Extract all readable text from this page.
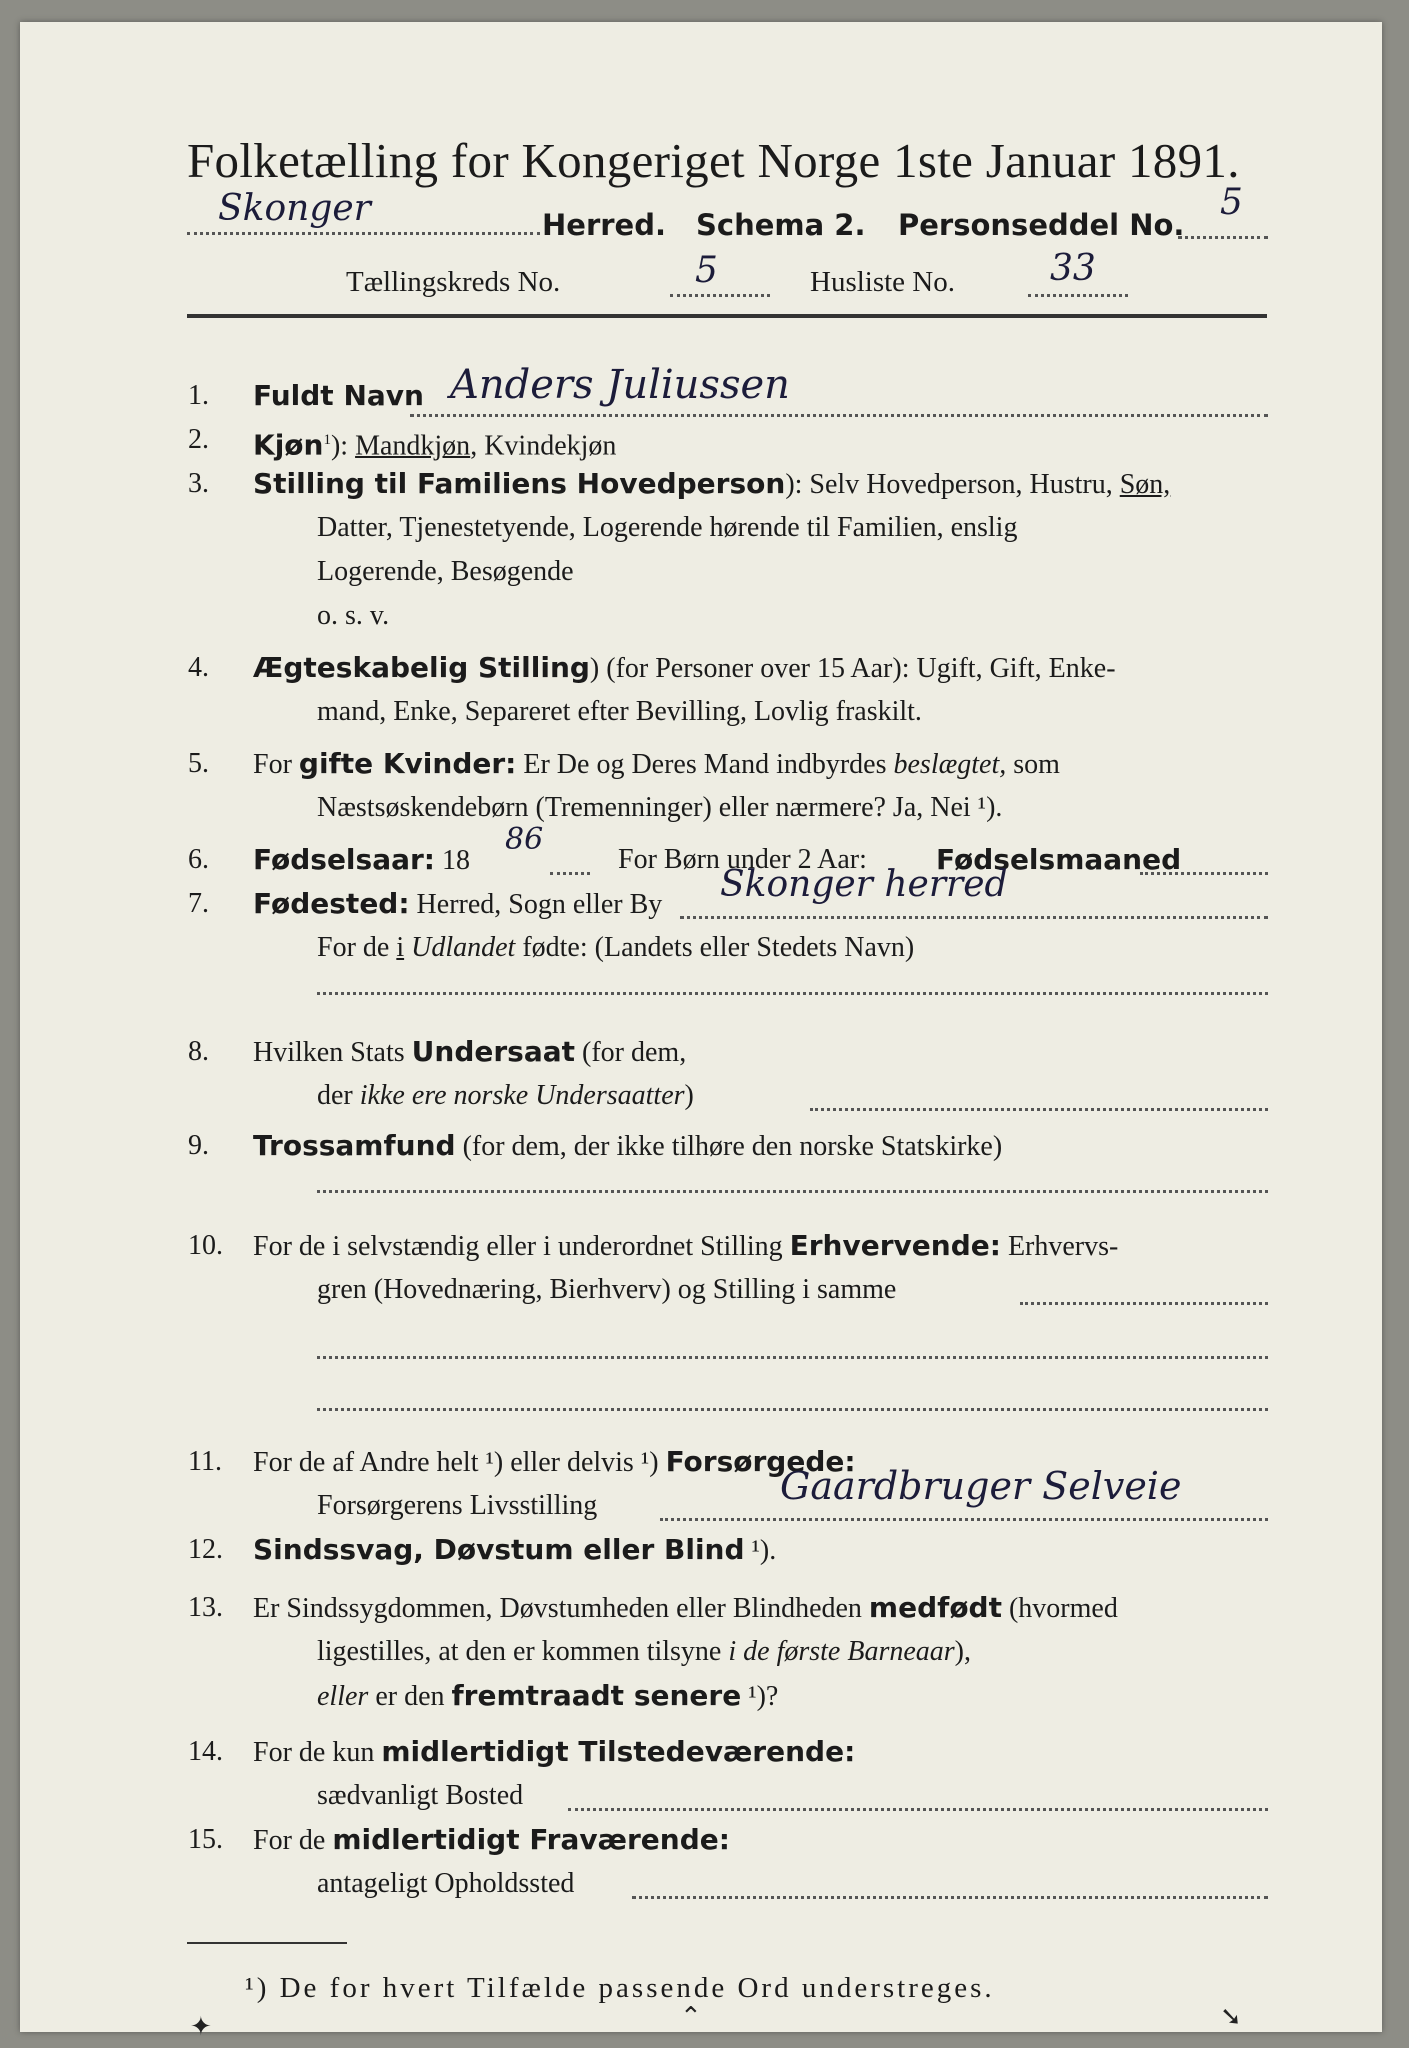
Folketælling for Kongeriget Norge 1ste Januar 1891.
Skonger	Herred. Schema 2. Personseddel No.
5
Tællingskreds No.	5	Husliste No.	33
1. Fuldt Navn Anders Juliussen
2. Kjøn$^1$): Mandkjøn, Kvindekjøn
3. Stilling til Familiens Hovedperson): Selv Hovedperson, Hustru, Søn,
Datter, Tjenestetyende, Logerende hørende til Familien, enslig
Logerende, Besøgende
o. s. v.
4. Ægteskabelig Stilling) (for Personer over 15 Aar): Ugift, Gift, Enke-
mand, Enke, Separeret efter Bevilling, Lovlig fraskilt.
5. For gifte Kvinder: Er De og Deres Mand indbyrdes beslægtet, som
Næstsøskendebørn (Tremenninger) eller nærmere? Ja, Nei ¹).
6. Fødselsaar: 18
86
For Børn under 2 Aar: Fødselsmaaned
7. Fødested: Herred, Sogn eller By Skonger herred
For de i Udlandet fødte: (Landets eller Stedets Navn)
8. Hvilken Stats Undersaat (for dem,
der ikke ere norske Undersaatter)
9. Trossamfund (for dem, der ikke tilhøre den norske Statskirke)
10. For de i selvstændig eller i underordnet Stilling Erhvervende: Erhvervs-
gren (Hovednæring, Bierhverv) og Stilling i samme
11. For de af Andre helt ¹) eller delvis ¹) Forsørgede:
Forsørgerens Livsstilling	Gaardbruger Selveie
12. Sindssvag, Døvstum eller Blind ¹).
13. Er Sindssygdommen, Døvstumheden eller Blindheden medfødt (hvormed
ligestilles, at den er kommen tilsyne i de første Barneaar),
eller er den fremtraadt senere ¹)?
14. For de kun midlertidigt Tilstedeværende:
sædvanligt Bosted
15. For de midlertidigt Fraværende:
antageligt Opholdssted
¹) De for hvert Tilfælde passende Ord understreges.
✦	⌃	➘
